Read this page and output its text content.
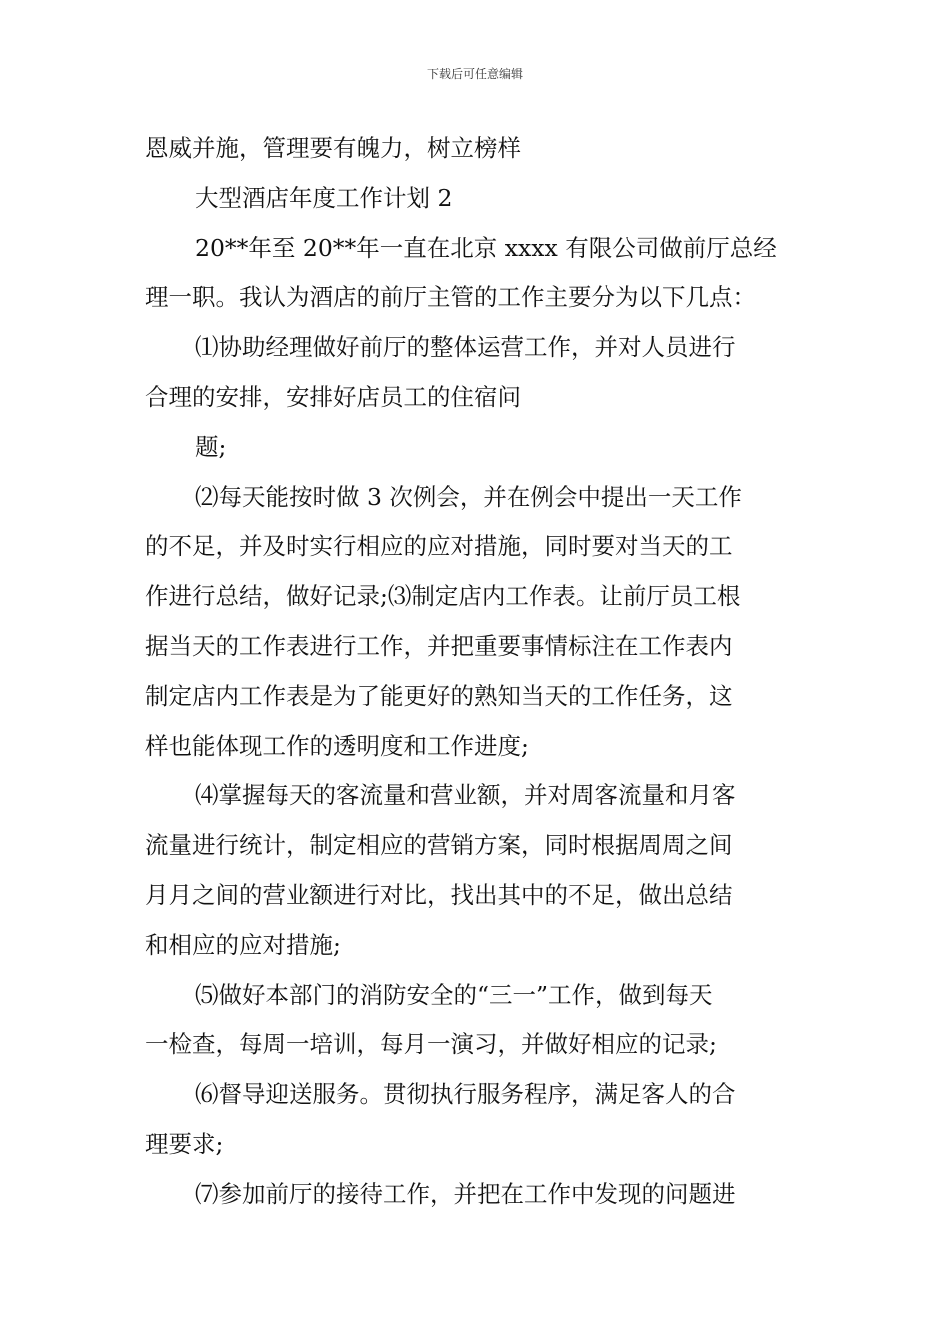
下载后可任意编辑
恩威并施，管理要有魄力，树立榜样
大型酒店年度工作计划 2
20**年至 20**年一直在北京 xxxx 有限公司做前厅总经
理一职。我认为酒店的前厅主管的工作主要分为以下几点：
⑴协助经理做好前厅的整体运营工作，并对人员进行
合理的安排，安排好店员工的住宿问
题;
⑵每天能按时做 3 次例会，并在例会中提出一天工作
的不足，并及时实行相应的应对措施，同时要对当天的工
作进行总结，做好记录;⑶制定店内工作表。让前厅员工根
据当天的工作表进行工作，并把重要事情标注在工作表内
制定店内工作表是为了能更好的熟知当天的工作任务，这
样也能体现工作的透明度和工作进度;
⑷掌握每天的客流量和营业额，并对周客流量和月客
流量进行统计，制定相应的营销方案，同时根据周周之间
月月之间的营业额进行对比，找出其中的不足，做出总结
和相应的应对措施;
⑸做好本部门的消防安全的“三一”工作，做到每天
一检查，每周一培训，每月一演习，并做好相应的记录;
⑹督导迎送服务。贯彻执行服务程序，满足客人的合
理要求;
⑺参加前厅的接待工作，并把在工作中发现的问题进
